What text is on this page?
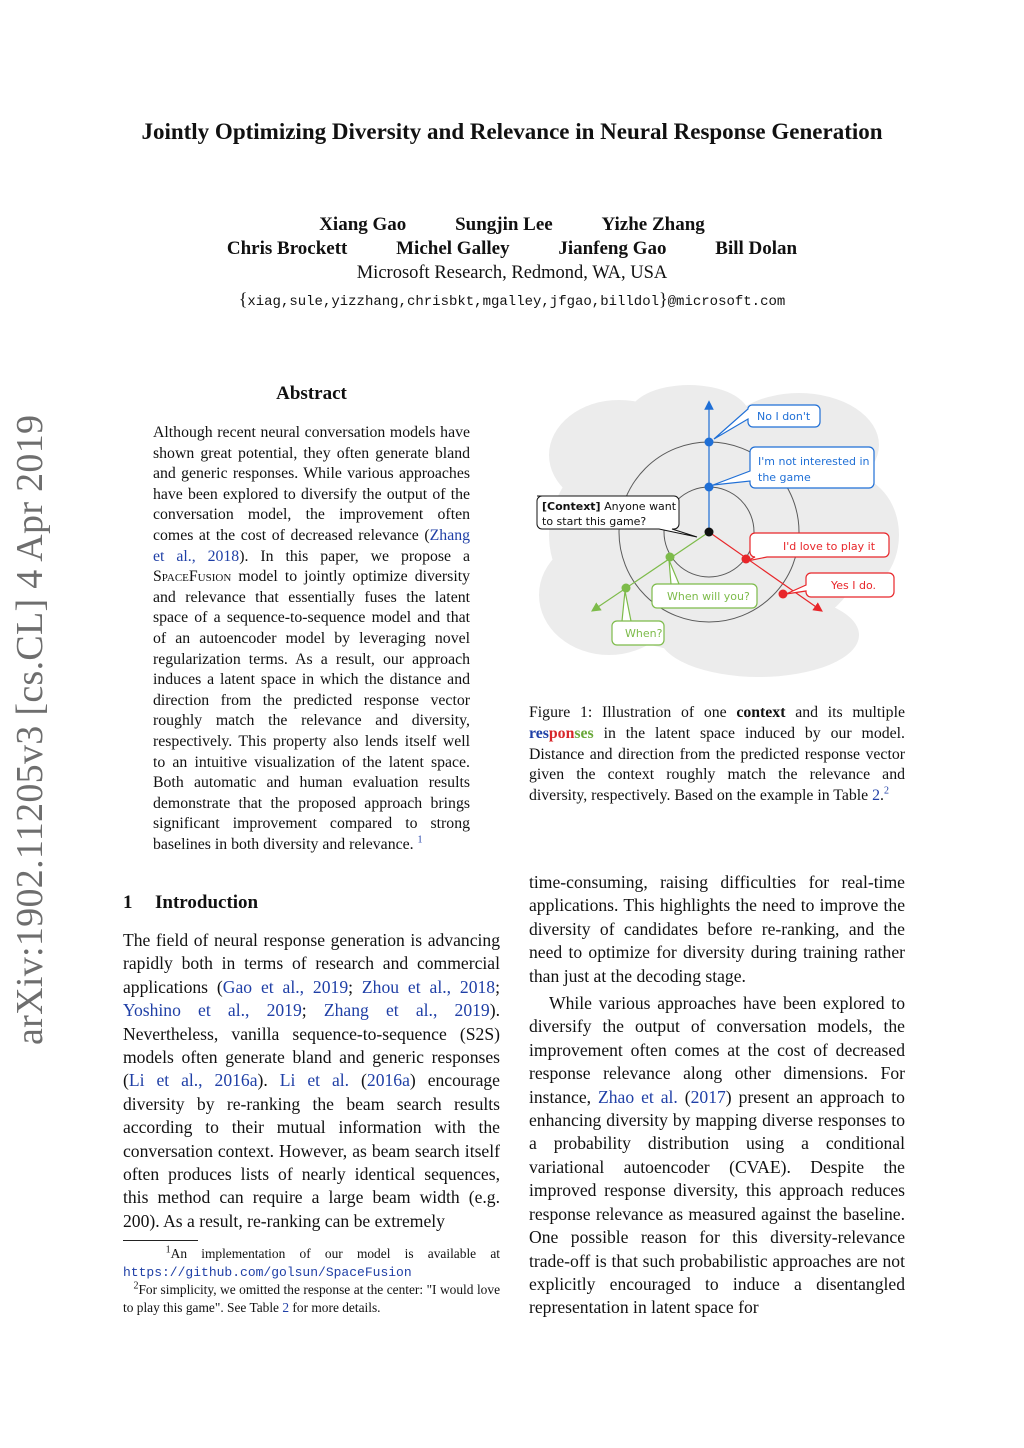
Jointly Optimizing Diversity and Relevance in Neural Response Generation
Xiang Gao	Sungjin Lee	Yizhe Zhang
Chris Brockett	Michel Galley	Jianfeng Gao	Bill Dolan
Microsoft Research, Redmond, WA, USA
{xiag,sule,yizzhang,chrisbkt,mgalley,jfgao,billdol}@microsoft.com
arXiv:1902.11205v3 [cs.CL] 4 Apr 2019
Abstract
Although recent neural conversation models have shown great potential, they often generate bland and generic responses. While various approaches have been explored to diversify the output of the conversation model, the improvement often comes at the cost of decreased relevance (Zhang et al., 2018). In this paper, we propose a SpaceFusion model to jointly optimize diversity and relevance that essentially fuses the latent space of a sequence-to-sequence model and that of an autoencoder model by leveraging novel regularization terms. As a result, our approach induces a latent space in which the distance and direction from the predicted response vector roughly match the relevance and diversity, respectively. This property also lends itself well to an intuitive visualization of the latent space. Both automatic and human evaluation results demonstrate that the proposed approach brings significant improvement compared to strong baselines in both diversity and relevance. $^1$
1 Introduction

The field of neural response generation is advancing rapidly both in terms of research and commercial applications (Gao et al., 2019; Zhou et al., 2018; Yoshino et al., 2019; Zhang et al., 2019). Nevertheless, vanilla sequence-to-sequence (S2S) models often generate bland and generic responses (Li et al., 2016a). Li et al. (2016a) encourage diversity by re-ranking the beam search results according to their mutual information with the conversation context. However, as beam search itself often produces lists of nearly identical sequences, this method can require a large beam width (e.g. 200). As a result, re-ranking can be extremely

$^1$An implementation of our model is available at https://github.com/golsun/SpaceFusion
$^2$For simplicity, we omitted the response at the center: "I would love to play this game". See Table 2 for more details.
[Context] Anyone want
to start this game?
No I don't
I'm not interested in
the game
I'd love to play it
Yes I do.
When will you?
When?
Figure 1: Illustration of one context and its multiple responses in the latent space induced by our model. Distance and direction from the predicted response vector given the context roughly match the relevance and diversity, respectively. Based on the example in Table 2.$^2$

time-consuming, raising difficulties for real-time applications. This highlights the need to improve the diversity of candidates before re-ranking, and the need to optimize for diversity during training rather than just at the decoding stage.

While various approaches have been explored to diversify the output of conversation models, the improvement often comes at the cost of decreased response relevance along other dimensions. For instance, Zhao et al. (2017) present an approach to enhancing diversity by mapping diverse responses to a probability distribution using a conditional variational autoencoder (CVAE). Despite the improved response diversity, this approach reduces response relevance as measured against the baseline. One possible reason for this diversity-relevance trade-off is that such probabilistic approaches are not explicitly encouraged to induce a disentangled representation in latent space for
